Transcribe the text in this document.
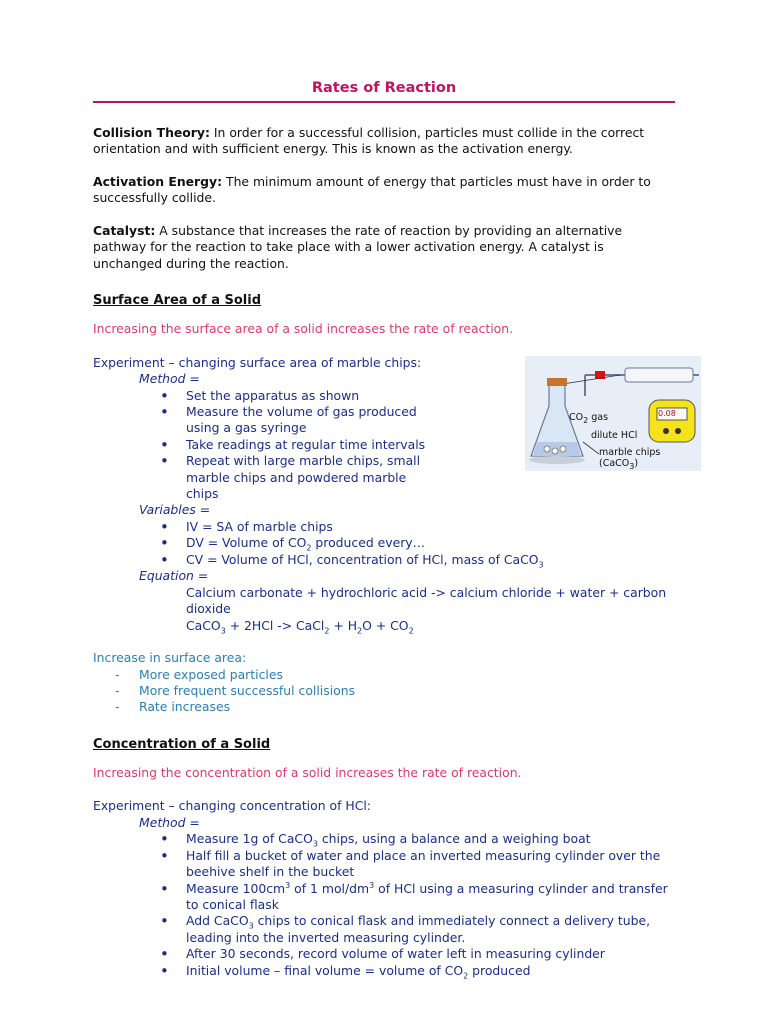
Rates of Reaction

Collision Theory: In order for a successful collision, particles must collide in the correct orientation and with sufficient energy. This is known as the activation energy.

Activation Energy: The minimum amount of energy that particles must have in order to successfully collide.

Catalyst: A substance that increases the rate of reaction by providing an alternative pathway for the reaction to take place with a lower activation energy. A catalyst is unchanged during the reaction.

Surface Area of a Solid

Increasing the surface area of a solid increases the rate of reaction.

Experiment – changing surface area of marble chips:

Method =

• Set the apparatus as shown
• Measure the volume of gas produced using a gas syringe
• Take readings at regular time intervals
• Repeat with large marble chips, small marble chips and powdered marble chips

Variables =

• IV = SA of marble chips
• DV = Volume of $CO_2$ produced every…
• CV = Volume of HCl, concentration of HCl, mass of CaCO$_3$

Equation =

Calcium carbonate + hydrochloric acid -> calcium chloride + water + carbon dioxide

CaCO$_3$ + 2HCl -> CaCl$_2$ + $H_2O + CO_2$

Increase in surface area:

- More exposed particles
- More frequent successful collisions
- Rate increases
Concentration of a Solid

Increasing the concentration of a solid increases the rate of reaction.

Experiment – changing concentration of HCl:

Method =

• Measure 1g of CaCO$_3$ chips, using a balance and a weighing boat
• Half fill a bucket of water and place an inverted measuring cylinder over the beehive shelf in the bucket
• Measure $100cm^3$ of 1 mol/$dm^3$ of HCl using a measuring cylinder and transfer to conical flask
• Add CaCO$_3$ chips to conical flask and immediately connect a delivery tube, leading into the inverted measuring cylinder.
• After 30 seconds, record volume of water left in measuring cylinder
• Initial volume – final volume = volume of $CO_2$ produced
0.08
$CO_2$ gas
dilute HCl
marble chips (CaCO$_3$)
